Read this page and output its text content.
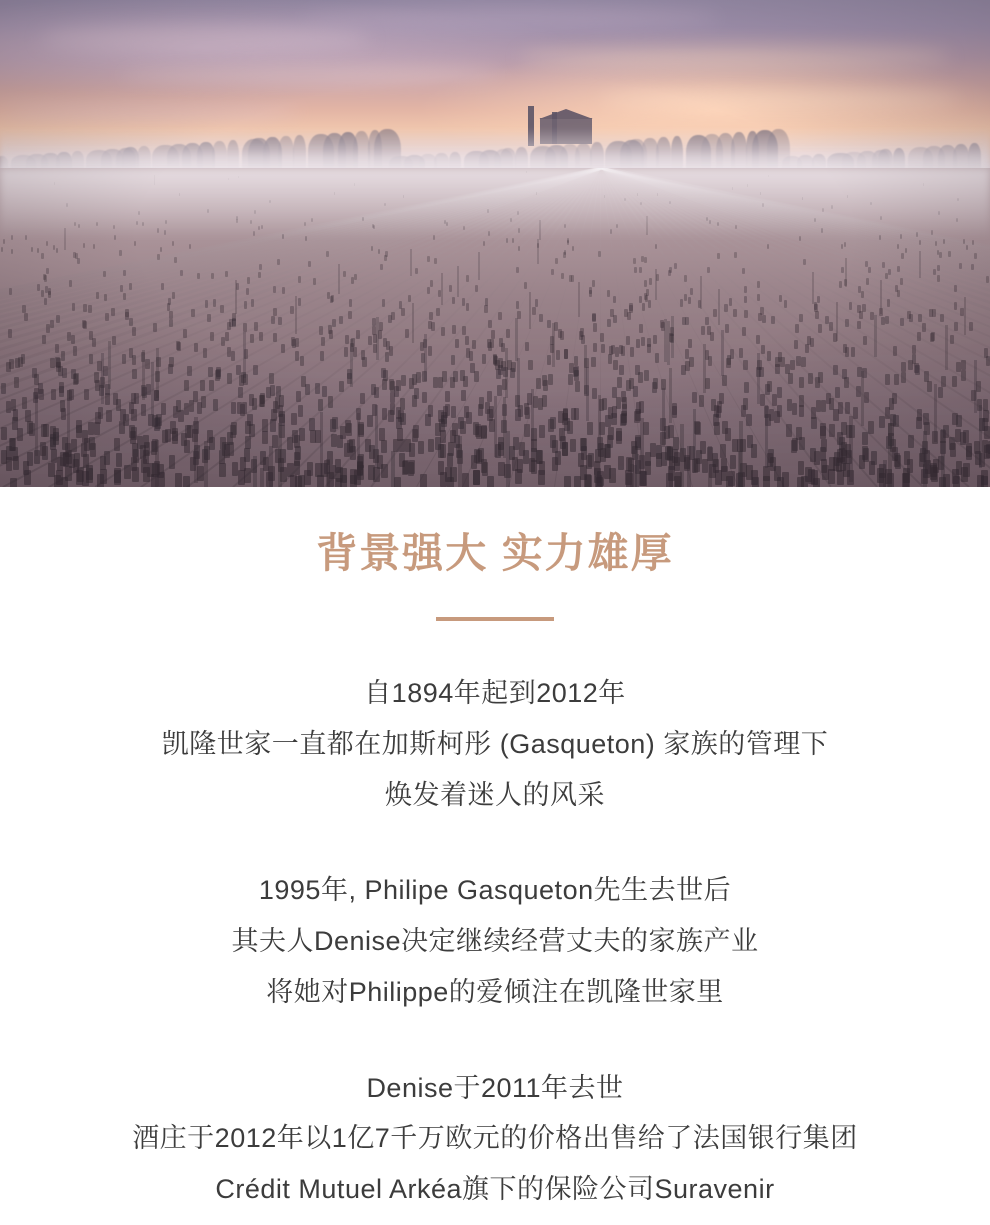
背景强大 实力雄厚

自1894年起到2012年
凯隆世家一直都在加斯柯彤 (Gasqueton) 家族的管理下
焕发着迷人的风采

1995年, Philipe Gasqueton先生去世后
其夫人Denise决定继续经营丈夫的家族产业
将她对Philippe的爱倾注在凯隆世家里

Denise于2011年去世
酒庄于2012年以1亿7千万欧元的价格出售给了法国银行集团
Crédit Mutuel Arkéa旗下的保险公司Suravenir
